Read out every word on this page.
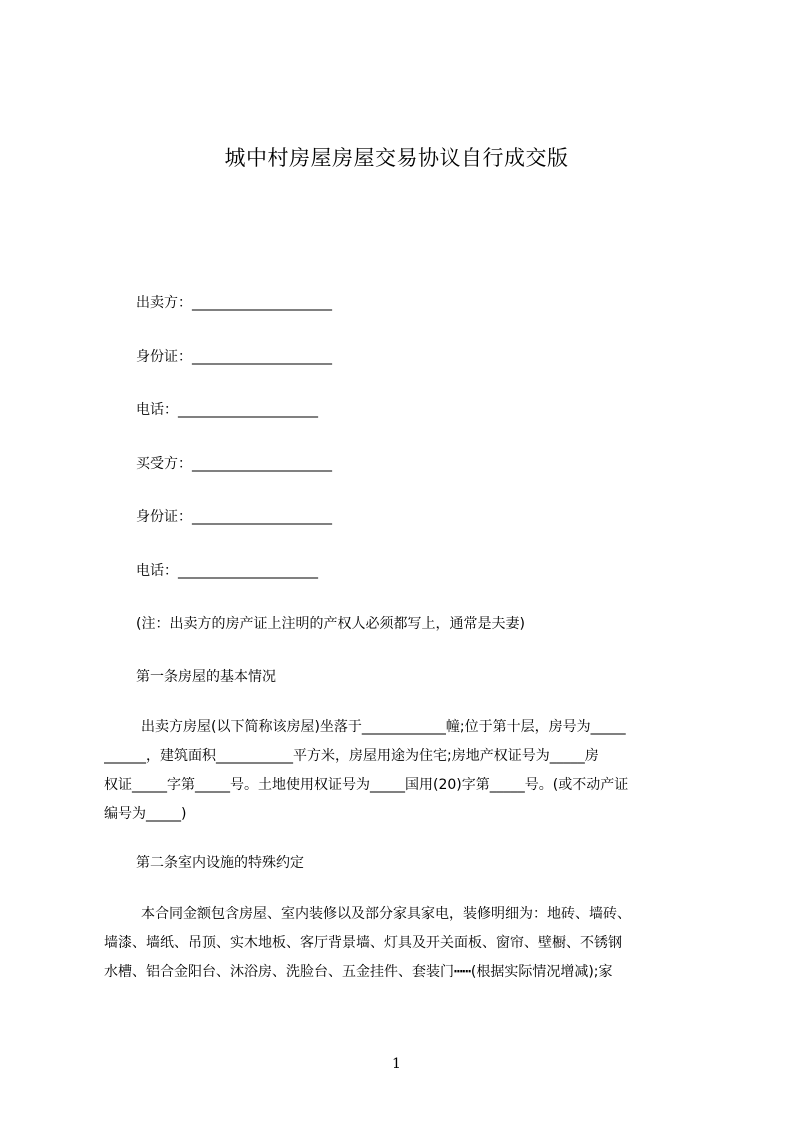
城中村房屋房屋交易协议自行成交版
出卖方：____________________
身份证：____________________
电话：____________________
买受方：____________________
身份证：____________________
电话：____________________
(注：出卖方的房产证上注明的产权人必须都写上，通常是夫妻)
第一条房屋的基本情况
出卖方房屋(以下简称该房屋)坐落于____________幢;位于第十层，房号为_____
______，建筑面积___________平方米，房屋用途为住宅;房地产权证号为_____房
权证_____字第_____号。土地使用权证号为_____国用(20)字第_____号。(或不动产证
编号为_____)
第二条室内设施的特殊约定
本合同金额包含房屋、室内装修以及部分家具家电，装修明细为：地砖、墙砖、
墙漆、墙纸、吊顶、实木地板、客厅背景墙、灯具及开关面板、窗帘、壁橱、不锈钢
水槽、铝合金阳台、沐浴房、洗脸台、五金挂件、套装门┅┅(根据实际情况增减);家
1
